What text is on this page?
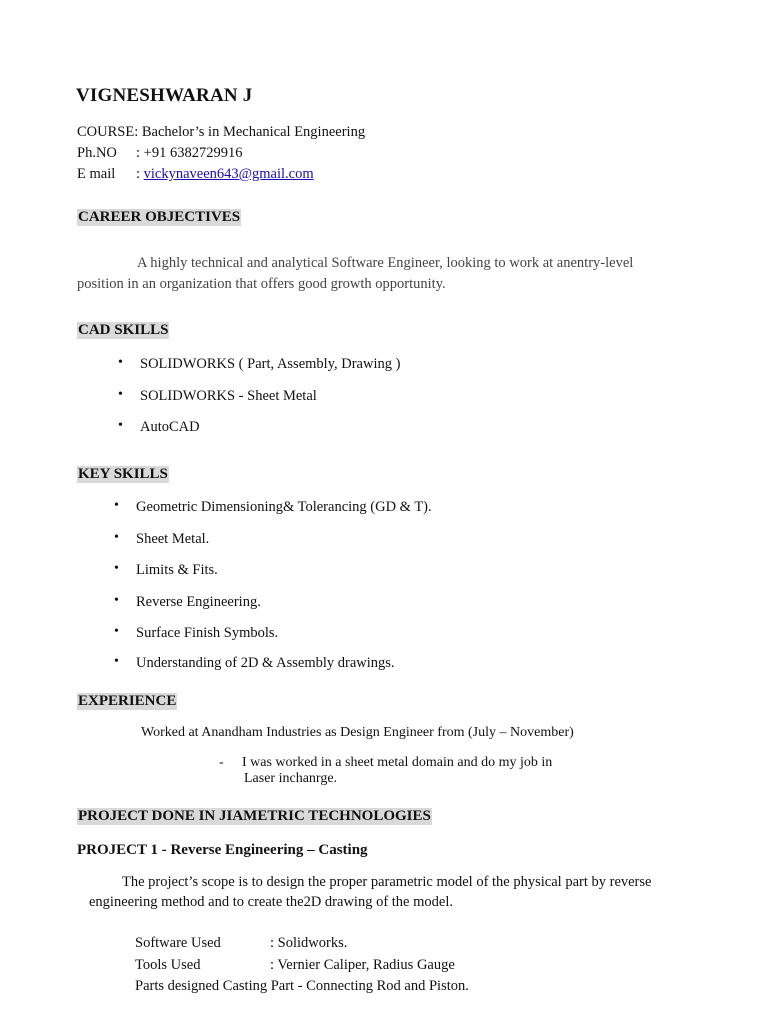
VIGNESHWARAN J
COURSE: Bachelor’s in Mechanical Engineering
Ph.NO : +91 6382729916
E mail : vickynaveen643@gmail.com
CAREER OBJECTIVES
A highly technical and analytical Software Engineer, looking to work at anentry-level
position in an organization that offers good growth opportunity.
CAD SKILLS
• SOLIDWORKS ( Part, Assembly, Drawing )
• SOLIDWORKS - Sheet Metal
• AutoCAD
KEY SKILLS
• Geometric Dimensioning& Tolerancing (GD & T).
• Sheet Metal.
• Limits & Fits.
• Reverse Engineering.
• Surface Finish Symbols.
• Understanding of 2D & Assembly drawings.
EXPERIENCE
Worked at Anandham Industries as Design Engineer from (July – November)
- I was worked in a sheet metal domain and do my job in
Laser inchanrge.
PROJECT DONE IN JIAMETRIC TECHNOLOGIES
PROJECT 1 - Reverse Engineering – Casting
The project’s scope is to design the proper parametric model of the physical part by reverse
engineering method and to create the2D drawing of the model.
Software Used	: Solidworks.
Tools Used	: Vernier Caliper, Radius Gauge
Parts designed Casting Part - Connecting Rod and Piston.
